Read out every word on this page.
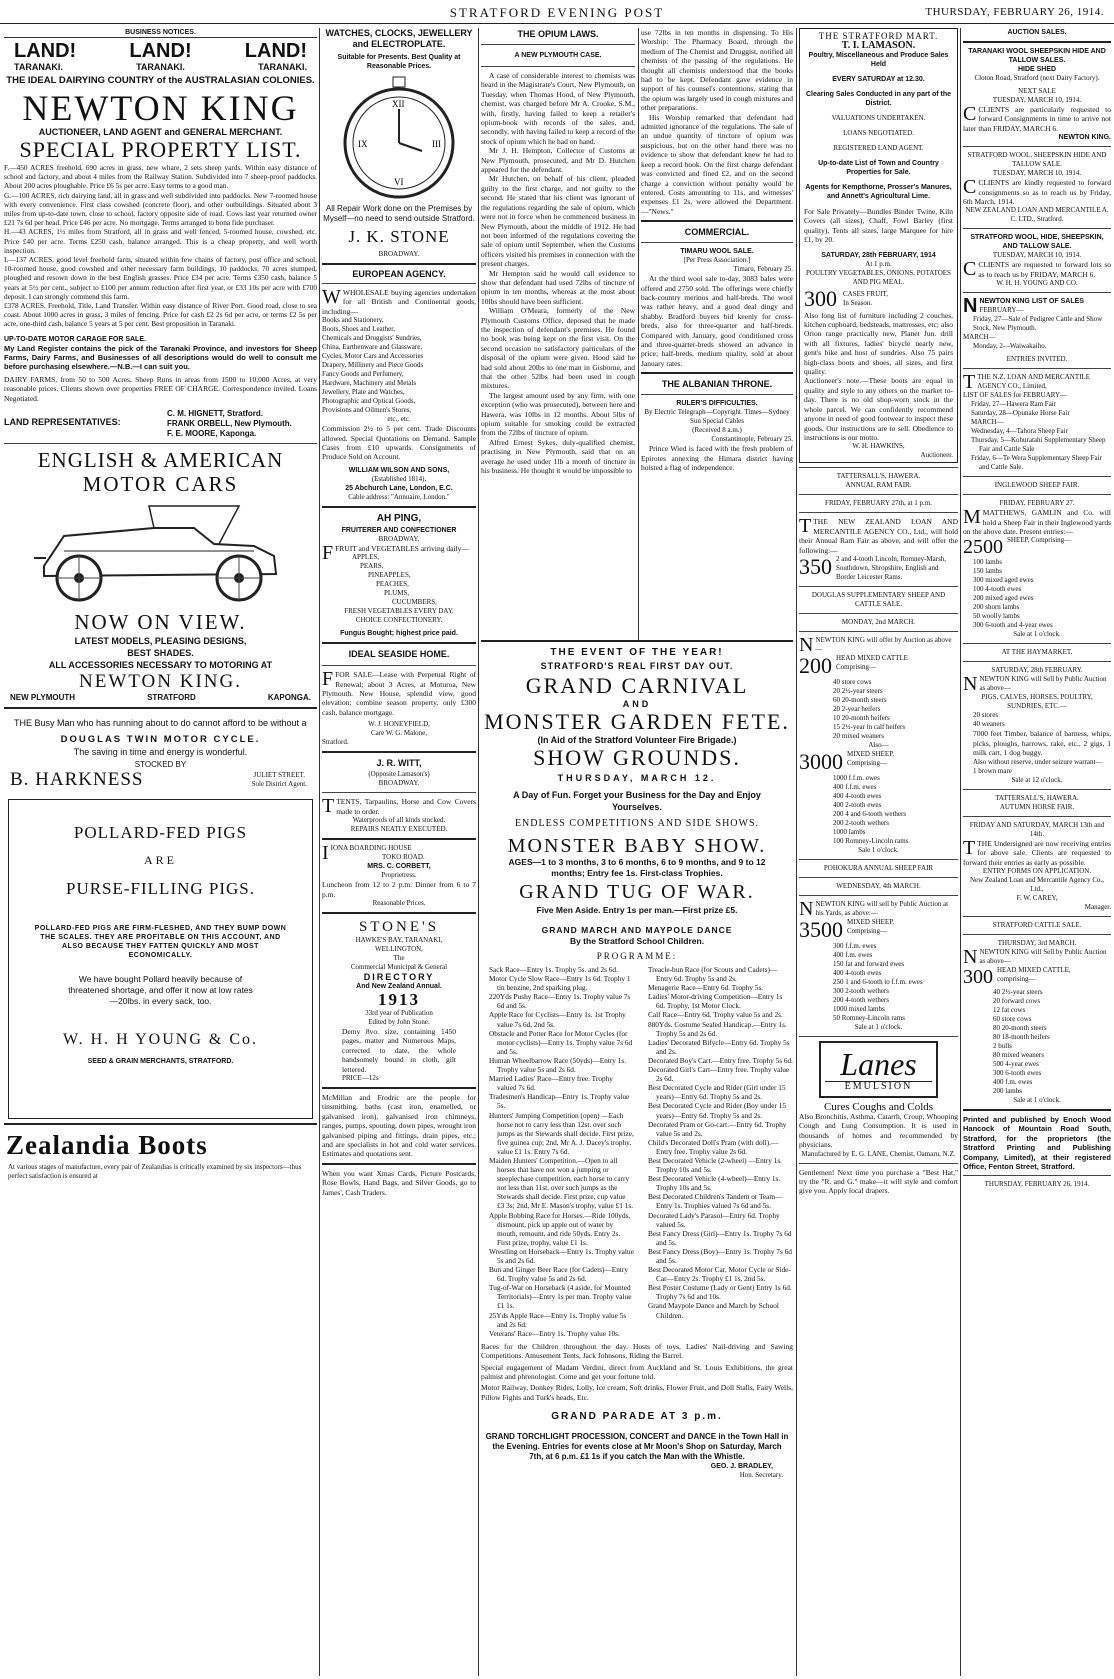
STRATFORD EVENING POST	THURSDAY, FEBRUARY 26, 1914.
BUSINESS NOTICES.
LAND!	LAND!	LAND!
TARANAKI.	TARANAKI.	TARANAKI.
THE IDEAL DAIRYING COUNTRY of the AUSTRALASIAN COLONIES.
NEWTON KING
AUCTIONEER, LAND AGENT and GENERAL MERCHANT.
SPECIAL PROPERTY LIST.

F.—450 ACRES freehold, 690 acres in grass, new whare, 2 sets sheep yards. Within easy distance of school and factory, and about 4 miles from the Railway Station. Subdivided into 7 sheep-proof paddocks. About 200 acres ploughable. Price £6 5s per acre. Easy terms to a good man.

G.—100 ACRES, rich dairying land, all in grass and well subdivided into paddocks. New 7-roomed house with every convenience. First class cowshed (concrete floor), and other outbuildings. Situated about 3 miles from up-to-date town, close to school, factory opposite side of road. Cows last year returned owner £21 7s 6d per head. Price £46 per acre. No mortgage. Terms arranged to bona fide purchaser.

H.—43 ACRES, 1½ miles from Stratford, all in grass and well fenced, 5-roomed house, cowshed, etc. Price £40 per acre. Terms £250 cash, balance arranged. This is a cheap property, and well worth inspection.

I.—137 ACRES, good level freehold farm, situated within few chains of factory, post office and school, 10-roomed house, good cowshed and other necessary farm buildings, 10 paddocks, 70 acres stumped, ploughed and resown down in the best English grasses. Price £34 per acre. Terms £350 cash, balance 5 years at 5½ per cent., subject to £100 per annum reduction after first year, or £33 10s per acre with £700 deposit. I can strongly commend this farm.

£378 ACRES, Freehold, Title, Land Transfer. Within easy distance of River Port. Good road, close to sea coast. About 1000 acres in grass, 3 miles of fencing. Price for cash £2 2s 6d per acre, or terms £2 5s per acre, one-third cash, balance 5 years at 5 per cent. Best proposition in Taranaki.

UP-TO-DATE MOTOR CARAGE FOR SALE.
My Land Register contains the pick of the Taranaki Province, and investors for Sheep Farms, Dairy Farms, and Businesses of all descriptions would do well to consult me before purchasing elsewhere.—N.B.—I can suit you.
DAIRY FARMS, from 50 to 500 Acres, Sheep Runs in areas from 1500 to 10,000 Acres, at very reasonable prices. Clients shown over properties FREE OF CHARGE. Correspondence invited. Loans Negotiated.
LAND REPRESENTATIVES:
C. M. HIGNETT, Stratford.
FRANK ORBELL, New Plymouth.
F. E. MOORE, Kaponga.
ENGLISH & AMERICAN
MOTOR CARS
NOW ON VIEW.
LATEST MODELS, PLEASING DESIGNS,
BEST SHADES.
ALL ACCESSORIES NECESSARY TO MOTORING AT
NEWTON KING.
NEW PLYMOUTH	STRATFORD	KAPONGA.
THE Busy Man who has running about to do cannot afford to be without a
DOUGLAS TWIN MOTOR CYCLE.
The saving in time and energy is wonderful.
STOCKED BY
B. HARKNESS	JULIET STREET.
Sole District Agent.
POLLARD-FED PIGS
ARE
PURSE-FILLING PIGS.
POLLARD-FED PIGS ARE FIRM-FLESHED, AND THEY BUMP DOWN THE SCALES. THEY ARE PROFITABLE ON THIS ACCOUNT, AND ALSO BECAUSE THEY FATTEN QUICKLY AND MOST ECONOMICALLY.
We have bought Pollard heavily because of threatened shortage, and offer it now at low rates—20lbs. in every sack, too.
W. H. H YOUNG & Co.
SEED & GRAIN MERCHANTS, STRATFORD.
Zealandia Boots
At various stages of manufacture, every pair of Zealandias is critically examined by six inspectors—thus perfect satisfaction is ensured at
WATCHES, CLOCKS, JEWELLERY and ELECTROPLATE.
Suitable for Presents. Best Quality at Reasonable Prices.
XII
III
VI
IX
All Repair Work done on the Premises by Myself—no need to send outside Stratford.
J. K. STONE
BROADWAY.
EUROPEAN AGENCY.
WWHOLESALE buying agencies undertaken for all British and Continental goods, including—
Books and Stationery,
Boots, Shoes and Leather,
Chemicals and Druggists' Sundries,
China, Earthenware and Glassware,
Cycles, Motor Cars and Accessories
Drapery, Millinery and Piece Goods
Fancy Goods and Perfumery,
Hardware, Machinery and Metals
Jewellery, Plate and Watches,
Photographic and Optical Goods,
Provisions and Oilmen's Stores,
etc., etc.
Commission 2½ to 5 per cent. Trade Discounts allowed. Special Quotations on Demand. Sample Cases from £10 upwards. Consignments of Produce Sold on Account.
WILLIAM WILSON AND SONS,
(Established 1814),
25 Abchurch Lane, London, E.C.
Cable address: "Annuaire, London."
AH PING,
FRUITERER AND CONFECTIONER
BROADWAY.
FFRUIT and VEGETABLES arriving daily—
APPLES,
PEARS,
PINEAPPLES,
PEACHES,
PLUMS,
CUCUMBERS,
FRESH VEGETABLES EVERY DAY.
CHOICE CONFECTIONERY.
Fungus Bought; highest price paid.
IDEAL SEASIDE HOME.
FFOR SALE—Lease with Perpetual Right of Renewal; about 3 Acres, at Moturoa, New Plymouth. New House, splendid view, good elevation; combine season property, only £300 cash, balance mortgage.
W. J. HONEYFIELD,
Care W. G. Malone,
Stratford.
J. R. WITT,
(Opposite Lamason's)
BROADWAY.
TTENTS, Tarpaulins, Horse and Cow Covers made to order.
Waterproofs of all kinds stocked.
REPAIRS NEATLY EXECUTED.
IIONA BOARDING HOUSE
TOKO ROAD.
MRS. C. CORBETT,
Proprietress.
Luncheon from 12 to 2 p.m. Dinner from 6 to 7 p.m.
Reasonable Prices.
STONE'S
HAWKE'S BAY, TARANAKI, WELLINGTON,
The
Commercial Municipal & General
DIRECTORY
And New Zealand Annual.
1913
33rd year of Publication
Edited by John Stone.
Demy 8vo. size, containing 1450 pages, matter and Numerous Maps, corrected to date, the whole handsomely bound in cloth, gilt lettered.
PRICE—12s
McMillan and Frodric are the people for tinsmithing, baths (cast iron, enamelled, or galvanised iron), galvanised iron chimneys, ranges, pumps, spouting, down pipes, wrought iron galvanised piping and fittings, drain pipes, etc.; and are specialists in hot and cold water services. Estimates and quotations sent.
When you want Xmas Cards, Picture Postcards, Rose Bowls, Hand Bags, and Silver Goods, go to James', Cash Traders.
THE OPIUM LAWS.
A NEW PLYMOUTH CASE.

A case of considerable interest to chemists was heard in the Magistrate's Court, New Plymouth, on Tuesday, when Thomas Hood, of New Plymouth, chemist, was charged before Mr A. Crooke, S.M., with, firstly, having failed to keep a retailer's opium-book with records of the sales, and, secondly, with having failed to keep a record of the stock of opium which he had on hand.

Mr J. H. Hempton, Collector of Customs at New Plymouth, prosecuted, and Mr D. Hutchen appeared for the defendant.

Mr Hutchen, on behalf of his client, pleaded guilty to the first charge, and not guilty to the second. He stated that his client was ignorant of the regulations regarding the sale of opium, which were not in force when he commenced business in New Plymouth, about the middle of 1912. He had not been informed of the regulations covering the sale of opium until September, when the Customs officers visited his premises in connection with the present charges.

Mr Hempton said he would call evidence to show that defendant had used 72lbs of tincture of opium in ten months, whereas at the most about 10lbs should have been sufficient.

William O'Meara, formerly of the New Plymouth Customs Office, deposed that he made the inspection of defendant's premises. He found no book was being kept on the first visit. On the second occasion no satisfactory particulars of the disposal of the opium were given. Hood said he had sold about 20lbs to one man in Gisborne, and that the other 52lbs had been used in cough mixtures.

The largest amount used by any firm, with one exception (who was prosecuted), between here and Hawera, was 10lbs in 12 months. About 5lbs of opium suitable for smoking could be extracted from the 72lbs of tincture of opium.

Alfred Ernest Sykes, duly-qualified chemist, practising in New Plymouth, said that on an average he used under 1lb a month of tincture in his business. He thought it would be impossible to

use 72lbs in ten months in dispensing. To His Worship: The Pharmacy Board, through the medium of The Chemist and Druggist, notified all chemists of the passing of the regulations. He thought all chemists understood that the books had to be kept. Defendant gave evidence in support of his counsel's contentions, stating that the opium was largely used in cough mixtures and other preparations.

His Worship remarked that defendant had admitted ignorance of the regulations. The sale of an undue quantity of tincture of opium was suspicious, but on the other hand there was no evidence to show that defendant knew he had to keep a record book. On the first charge defendant was convicted and fined £2, and on the second charge a conviction without penalty would be entered. Costs amounting to 11s, and witnesses' expenses £1 2s, were allowed the Department.—"News."

COMMERCIAL.
TIMARU WOOL SALE.
[Per Press Association.]
Timaru, February 25.
At the third wool sale to-day, 3083 bales were offered and 2750 sold. The offerings were chiefly back-country merinos and half-breds. The wool was rather heavy, and a good deal dingy and shabby. Bradford buyers bid keenly for cross-breds, also for three-quarter and half-breds. Compared with January, good conditioned cross and three-quarter-breds showed an advance in price; half-breds, medium quality, sold at about January rates.
THE ALBANIAN THRONE.
RULER'S DIFFICULTIES.
By Electric Telegraph—Copyright. Times—Sydney Sun Special Cables
(Received 8 a.m.)
Constantinople, February 25.
Prince Wied is faced with the fresh problem of Epirotes annexing the Himara district having hoisted a flag of independence.
THE EVENT OF THE YEAR!
STRATFORD'S REAL FIRST DAY OUT.
GRAND CARNIVAL
AND
MONSTER GARDEN FETE.
(In Aid of the Stratford Volunteer Fire Brigade.)
SHOW GROUNDS.
THURSDAY, MARCH 12.
A Day of Fun. Forget your Business for the Day and Enjoy Yourselves.
ENDLESS COMPETITIONS AND SIDE SHOWS.
MONSTER BABY SHOW.
AGES—1 to 3 months, 3 to 6 months, 6 to 9 months, and 9 to 12 months; Entry fee 1s. First-class Trophies.
GRAND TUG OF WAR.
Five Men Aside. Entry 1s per man.—First prize £5.
GRAND MARCH AND MAYPOLE DANCE
By the Stratford School Children.
PROGRAMME:
Sack Race—Entry 1s. Trophy 5s. and 2s 6d.
Motor Cycle Slow Race—Entry 1s 6d. Trophy 1 tin benzine, 2nd sparking plug.
220Yds Pushy Race—Entry 1s. Trophy value 7s 6d and 5s.
Apple Race for Cyclists—Entry 1s. 1st Trophy value 7s 6d, 2nd 5s.
Obstacle and Potter Race for Motor Cycles (for motor cyclists)—Entry 1s. Trophy value 7s 6d and 5s.
Human Wheelbarrow Race (50yds)—Entry 1s. Trophy value 5s and 2s 6d.
Married Ladies' Race—Entry free. Trophy valued 7s 6d.
Tradesmen's Handicap—Entry 1s. Trophy value 5s.
Hunters' Jumping Competition (open) —Each horse not to carry less than 12st. over such jumps as the Stewards shall decide. First prize, five guinea cup; 2nd, Mr A. J. Dacey's trophy, value £1 1s. Entry 7s 6d.
Maiden Hunters' Competition.—Open to all horses that have not won a jumping or steeplechase competition, each horse to carry not less than 11st. over such jumps as the Stewards shall decide. First prize, cup value £3 3s; 2nd, Mr E. Mason's trophy, value £1 1s.
Apple Bobbing Race for Horses.—Ride 100yds, dismount, pick up apple out of water by mouth, remount, and ride 50yds. Entry 2s. First prize, trophy, value £1 1s.
Wrestling on Horseback—Entry 1s. Trophy value 5s and 2s 6d.
Bun and Ginger Beer Race (for Cadets)—Entry 6d. Trophy value 5s and 2s 6d.
Tug-of-War on Horseback (4 aside, for Mounted Territorials)—Entry 1s per man. Trophy value £1 1s.
25Yds Apple Race—Entry 1s. Trophy value 5s and 2s 6d.
Veterans' Race—Entry 1s. Trophy value 10s.
Treacle-bun Race (for Scouts and Cadets)—Entry 6d. Trophy 5s and 2s.
Menagerie Race—Entry 6d. Trophy 5s.
Ladies' Motor-driving Competition—Entry 1s 6d. Trophy, 1st Motor Clock.
Calf Race—Entry 6d. Trophy value 5s and 2s.
880Yds. Costume Sealed Handicap.—Entry 1s. Trophy 5s and 2s 6d.
Ladies' Decorated Bifycle—Entry 6d. Trophy 5s and 2s.
Decorated Boy's Cart.—Entry free. Trophy 5s 6d.
Decorated Girl's Cart—Entry free. Trophy value 2s 6d.
Best Decorated Cycle and Rider (Girl under 15 years)—Entry 6d. Trophy 5s and 2s.
Best Decorated Cycle and Rider (Boy under 15 years)—Entry 6d. Trophy 5s and 2s.
Decorated Pram or Go-cart.—Entry 6d. Trophy value 5s and 2s.
Child's Decorated Doll's Pram (with doll).—Entry free. Trophy value 2s 6d.
Best Decorated Vehicle (2-wheel) —Entry 1s. Trophy 10s and 5s.
Best Decorated Vehicle (4-wheel)—Entry 1s. Trophy 10s and 5s.
Best Decorated Children's Tandem or Team—Entry 1s. Trophies valued 7s 6d and 5s.
Decorated Lady's Parasol—Entry 6d. Trophy valued 5s.
Best Fancy Dress (Girl)—Entry 1s. Trophy 7s 6d and 5s.
Best Fancy Dress (Boy)—Entry 1s. Trophy 7s 6d and 5s.
Best Decorated Motor Car, Motor Cycle or Side-Car—Entry 2s. Trophy £1 1s, 2nd 5s.
Best Poster Costume (Lady or Gent) Entry 1s 6d. Trophy 7s 6d and 10s.
Grand Maypole Dance and March by School Children.
Races for the Children throughout the day. Hosts of toys, Ladies' Nail-driving and Sawing Competitions. Amusement Tents, Jack Johnsons, Riding the Barrel.
Special engagement of Madam Verdini, direct from Auckland and St. Louis Exhibitions, the great palmist and phrenologist. Come and get your fortune told.
Motor Railway, Donkey Rides, Lolly, Ice cream, Soft drinks, Flower Fruit, and Doll Stalls, Fairy Wells, Pillow Fights and Turk's heads, Etc.
GRAND PARADE AT 3 p.m.
GRAND TORCHLIGHT PROCESSION, CONCERT and DANCE in the Town Hall in the Evening. Entries for events close at Mr Moon's Shop on Saturday, March 7th, at 6 p.m. £1 1s if you catch the Man with the Whistle.
GEO. J. BRADLEY,
Hon. Secretary.
THE STRATFORD MART.
T. I. LAMASON.
Poultry, Miscellaneous and Produce Sales Held
EVERY SATURDAY at 12.30.
Clearing Sales Conducted in any part of the District.
VALUATIONS UNDERTAKEN.
LOANS NEGOTIATED.
REGISTERED LAND AGENT.
Up-to-date List of Town and Country Properties for Sale.
Agents for Kempthorne, Prosser's Manures, and Annett's Agricultural Lime.
For Sale Privately—Bundles Binder Twine, Kiln Covers (all sizes), Chaff, Fowl Barley (first quality), Tents all sizes, large Marquee for hire £1, by 20.
SATURDAY, 28th FEBRUARY, 1914
At 1 p.m.
POULTRY VEGETABLES, ONIONS, POTATOES AND PIG MEAL.
300 CASES FRUIT,
In Season.
Also long list of furniture including 2 couches, kitchen cupboard, bedsteads, mattresses, etc; also Orion range practically new, Planet Jun. drill with all fixtures, ladies' bicycle nearly new, gent's bike and host of sundries. Also 75 pairs high-class boots and shoes, all sizes, and first quality.
Auctioneer's note.—These boots are equal in quality and style to any others on the market to-day. There is no old shop-worn stock in the whole parcel. We can confidently recommend anyone in need of good footwear to inspect these goods. Our instructions are to sell. Obedience to instructions is our motto.
W. H. HAWKINS,
Auctioneer.
TATTERSALL'S, HAWERA.
ANNUAL RAM FAIR.
FRIDAY, FEBRUARY 27th, at 1 p.m.
TTHE NEW ZEALAND LOAN AND MERCANTILE AGENCY CO., Ltd., will hold their Annual Ram Fair as above, and will offer the following:—
350 2 and 4-tooth Lincoln, Romney-Marsh, Southdown, Shropshire, English and Border Leicester Rams.
DOUGLAS SUPPLEMENTARY SHEEP AND CATTLE SALE.
MONDAY, 2nd MARCH.
NNEWTON KING will offer by Auction as above—
200 HEAD MIXED CATTLE
Comprising—
40 store cows
20 2½-year steers
60 20-month steers
20 2-year heifers
10 20-month heifers
15 2½-year in calf heifers
20 mixed weaners
Also—
3000 MIXED SHEEP,
Comprising—
1000 f.f.m. ewes
400 f.f.m. ewes
400 4-tooth ewes
400 2-tooth ewes
200 4 and 6-tooth wethers
200 2-tooth wethers
1000 lambs
100 Romney-Lincoln rams
Sale 1 o'clock.
POHOKURA ANNUAL SHEEP FAIR
WEDNESDAY, 4th MARCH.
NNEWTON KING will sell by Public Auction at his Yards, as above:—
3500 MIXED SHEEP,
Comprising—
300 f.f.m. ewes
400 f.m. ewes
150 fat and forward ewes
400 4-tooth ewes
250 1 and 6-tooth to f.f.m. ewes
300 2-tooth wethers
200 4-tooth wethers
1000 mixed lambs
50 Romney-Lincoln rams
Sale at 1 o'clock.
Lanes
EMULSION
Cures Coughs and Colds
Also Bronchitis, Asthma, Catarrh, Croup, Whooping Cough and Lung Consumption. It is used in thousands of homes and recommended by physicians.
Manufactured by E. G. LANE, Chemist, Oamaru, N.Z.
Gentlemen! Next time you purchase a "Best Hat," try the "R. and G." make—it will style and comfort give you. Apply local drapers.
AUCTION SALES.
TARANAKI WOOL SHEEPSKIN HIDE AND TALLOW SALES.
HIDE SHED
Cloton Road, Stratford (next Dairy Factory).
NEXT SALE
TUESDAY, MARCH 10, 1914.
CCLIENTS are particularly requested to forward Consignments in time to arrive not later than FRIDAY, MARCH 6.
NEWTON KING.
STRATFORD WOOL, SHEEPSKIN HIDE AND TALLOW SALE.
TUESDAY, MARCH 10, 1914.
CCLIENTS are kindly requested to forward consignments so as to reach us by Friday, 6th March, 1914.
NEW ZEALAND LOAN AND MERCANTILE A. C. LTD., Stratford.
STRATFORD WOOL, HIDE, SHEEPSKIN, AND TALLOW SALE.
TUESDAY, MARCH 10, 1914.
CCLIENTS are requested to forward lots so as to reach us by FRIDAY, MARCH 6.
W. H. H. YOUNG AND CO.
NNEWTON KING LIST OF SALES
FEBRUARY—
Friday, 27—Sale of Pedigree Cattle and Show Stock, New Plymouth.
MARCH—
Monday, 2—Waiwakaiho.
ENTRIES INVITED.
TTHE N.Z. LOAN AND MERCANTILE AGENCY CO., Limited,
LIST OF SALES for FEBRUARY—
Friday, 27—Hawera Ram Fair
Saturday, 28—Opunake Horse Fair
MARCH—
Wednesday, 4—Tahora Sheep Fair
Thursday, 5—Kohuratahi Supplementary Sheep Fair and Cattle Sale
Friday, 6—Te Wera Supplementary Sheep Fair and Cattle Sale.
INGLEWOOD SHEEP FAIR.
FRIDAY, FEBRUARY 27.
MMATTHEWS, GAMLIN and Co. will hold a Sheep Fair in their Inglewood yards on the above date. Present entries:—
2500 SHEEP, Comprising—
100 lambs
150 lambs
300 mixed aged ewes
100 4-tooth ewes
200 mixed aged ewes
200 shorn lambs
50 woolly lambs
300 6-tooth and 4-year ewes
Sale at 1 o'clock.
AT THE HAYMARKET.
SATURDAY, 28th FEBRUARY.
NNEWTON KING will Sell by Public Auction as above—
PIGS, CALVES, HORSES, POULTRY, SUNDRIES, ETC.—
20 stores
40 weaners
7000 feet Timber, balance of harness, whips, picks, ploughs, harrows, rake, etc., 2 gigs, 1 milk cart, 1 dog buggy.
Also without reserve, under seizure warrant—
1 brown mare
Sale at 12 o'clock.
TATTERSALL'S, HAWERA.
AUTUMN HORSE FAIR.
FRIDAY AND SATURDAY, MARCH 13th and 14th.
TTHE Undersigned are now receiving entries for above sale. Clients are requested to forward their entries as early as possible.
ENTRY FORMS ON APPLICATION.
New Zealand Loan and Mercantile Agency Co., Ltd.,
F. W. CAREY,
Manager.
STRATFORD CATTLE SALE.
THURSDAY, 3rd MARCH.
NNEWTON KING will Sell by Public Auction as above—
300 HEAD MIXED CATTLE,
comprising—
40 2½-year steers
20 forward cows
12 fat cows
60 store cows
80 20-month steers
80 18-month heifers
2 bulls
80 mixed weaners
500 4-year ewes
300 6-tooth ewes
400 f.m. ewes
200 lambs
Sale at 1 o'clock.
Printed and published by Enoch Wood Hancock of Mountain Road South, Stratford, for the proprietors (the Stratford Printing and Publishing Company, Limited), at their registered Office, Fenton Street, Stratford.
THURSDAY, FEBRUARY 26, 1914.
